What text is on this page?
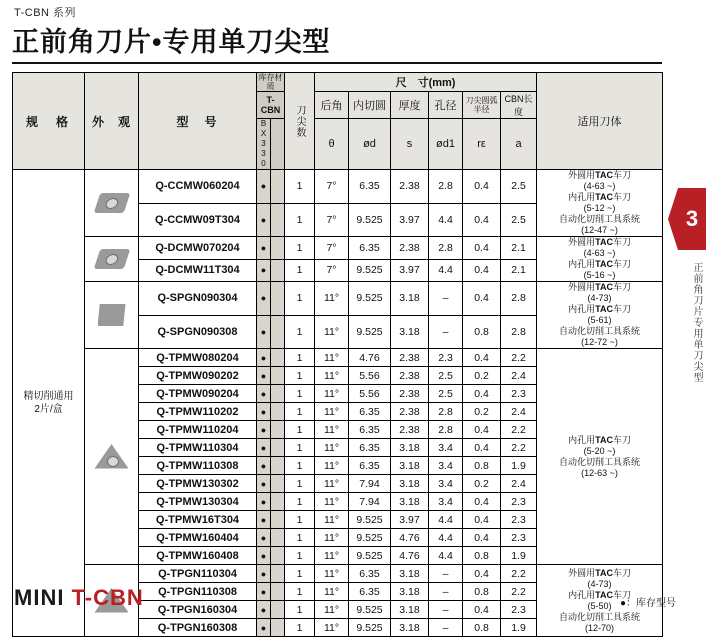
T-CBN 系列
正前角刀片•专用单刀尖型
3
正前角刀片专用单刀尖型
规　格	外　观	型　号	库存材质		刀尖数	尺　寸(mm)						适用刀体
			T-CBN			后角	内切圆	厚度	孔径	刀尖圆弧半径	CBN长度	

			BX330			θ	ød	s	ød1	rε	a	
精切削通用
2片/盒	
	Q-CCMW060204	●		1	7°	6.35	2.38	2.8	0.4	2.5	外圆用TAC车刀
(4-63 ~)
内孔用TAC车刀
(5-12 ~)
自动化切削工具系统
(12-47 ~)
		Q-CCMW09T304	●		1	7°	9.525	3.97	4.4	0.4	2.5	

		Q-DCMW070204	●		1	7°	6.35	2.38	2.8	0.4	2.1	外圆用TAC车刀
(4-63 ~)
内孔用TAC车刀
(5-16 ~)
		Q-DCMW11T304	●		1	7°	9.525	3.97	4.4	0.4	2.1	

	Q-SPGN090304	●		1	11°	9.525	3.18	–	0.4	2.8	外圆用TAC车刀
(4-73)
内孔用TAC车刀
(5-61)
自动化切削工具系统
(12-72 ~)
		Q-SPGN090308	●		1	11°	9.525	3.18	–	0.8	2.8	

		Q-TPMW080204	●		1	11°	4.76	2.38	2.3	0.4	2.2	内孔用TAC车刀
(5-20 ~)
自动化切削工具系统
(12-63 ~)
		Q-TPMW090202	●		1	11°	5.56	2.38	2.5	0.2	2.4	
		Q-TPMW090204	●		1	11°	5.56	2.38	2.5	0.4	2.3	
		Q-TPMW110202	●		1	11°	6.35	2.38	2.8	0.2	2.4	
		Q-TPMW110204	●		1	11°	6.35	2.38	2.8	0.4	2.2	
		Q-TPMW110304	●		1	11°	6.35	3.18	3.4	0.4	2.2	
		Q-TPMW110308	●		1	11°	6.35	3.18	3.4	0.8	1.9	
		Q-TPMW130302	●		1	11°	7.94	3.18	3.4	0.2	2.4	
		Q-TPMW130304	●		1	11°	7.94	3.18	3.4	0.4	2.3	
		Q-TPMW16T304	●		1	11°	9.525	3.97	4.4	0.4	2.3	
		Q-TPMW160404	●		1	11°	9.525	4.76	4.4	0.4	2.3	
		Q-TPMW160408	●		1	11°	9.525	4.76	4.4	0.8	1.9	

	Q-TPGN110304	●		1	11°	6.35	3.18	–	0.4	2.2	外圆用TAC车刀
(4-73)
内孔用TAC车刀
(5-50)
自动化切削工具系统
(12-70)
		Q-TPGN110308	●		1	11°	6.35	3.18	–	0.8	2.2	
		Q-TPGN160304	●		1	11°	9.525	3.18	–	0.4	2.3	
		Q-TPGN160308	●		1	11°	9.525	3.18	–	0.8	1.9	
MINI T-CBN	●：库存型号
